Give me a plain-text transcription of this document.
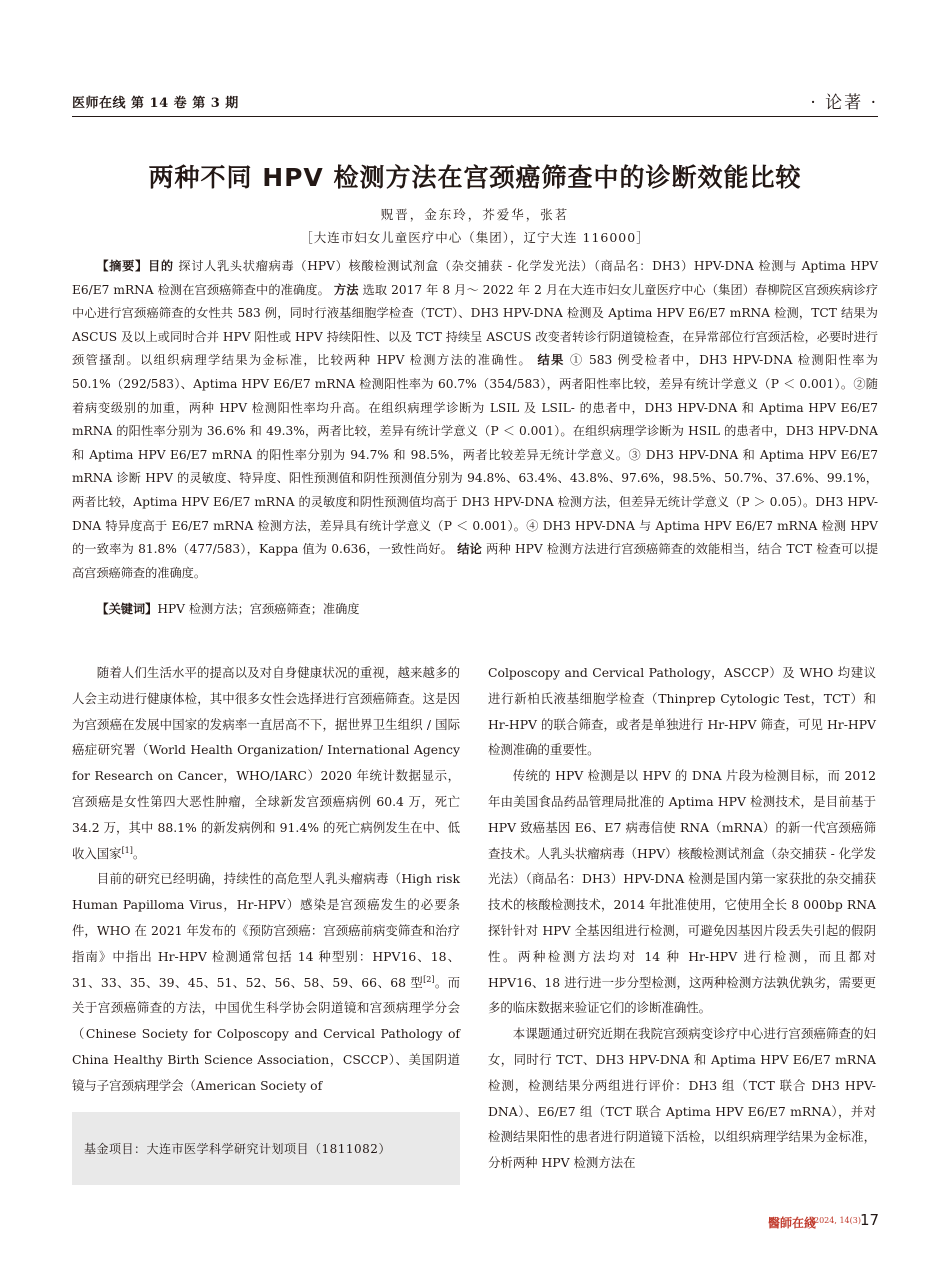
医师在线 第 14 卷 第 3 期	· 论著 ·
两种不同 HPV 检测方法在宫颈癌筛查中的诊断效能比较
贶晋，金东玲，芥爱华，张茗
［大连市妇女儿童医疗中心（集团），辽宁大连 116000］
【摘要】目的 探讨人乳头状瘤病毒（HPV）核酸检测试剂盒（杂交捕获 - 化学发光法）（商品名：DH3）HPV-DNA 检测与 Aptima HPV E6/E7 mRNA 检测在宫颈癌筛查中的准确度。 方法 选取 2017 年 8 月～ 2022 年 2 月在大连市妇女儿童医疗中心（集团）春柳院区宫颈疾病诊疗中心进行宫颈癌筛查的女性共 583 例，同时行液基细胞学检查（TCT）、DH3 HPV-DNA 检测及 Aptima HPV E6/E7 mRNA 检测，TCT 结果为 ASCUS 及以上或同时合并 HPV 阳性或 HPV 持续阳性、以及 TCT 持续呈 ASCUS 改变者转诊行阴道镜检查，在异常部位行宫颈活检，必要时进行颈管搔刮。以组织病理学结果为金标准，比较两种 HPV 检测方法的准确性。 结果 ① 583 例受检者中，DH3 HPV-DNA 检测阳性率为 50.1%（292/583）、Aptima HPV E6/E7 mRNA 检测阳性率为 60.7%（354/583），两者阳性率比较，差异有统计学意义（P ＜ 0.001）。②随着病变级别的加重，两种 HPV 检测阳性率均升高。在组织病理学诊断为 LSIL 及 LSIL- 的患者中，DH3 HPV-DNA 和 Aptima HPV E6/E7 mRNA 的阳性率分别为 36.6% 和 49.3%，两者比较，差异有统计学意义（P ＜ 0.001）。在组织病理学诊断为 HSIL 的患者中，DH3 HPV-DNA 和 Aptima HPV E6/E7 mRNA 的阳性率分别为 94.7% 和 98.5%，两者比较差异无统计学意义。③ DH3 HPV-DNA 和 Aptima HPV E6/E7 mRNA 诊断 HPV 的灵敏度、特异度、阳性预测值和阴性预测值分别为 94.8%、63.4%、43.8%、97.6%，98.5%、50.7%、37.6%、99.1%，两者比较，Aptima HPV E6/E7 mRNA 的灵敏度和阴性预测值均高于 DH3 HPV-DNA 检测方法，但差异无统计学意义（P ＞ 0.05）。DH3 HPV-DNA 特异度高于 E6/E7 mRNA 检测方法，差异具有统计学意义（P ＜ 0.001）。④ DH3 HPV-DNA 与 Aptima HPV E6/E7 mRNA 检测 HPV 的一致率为 81.8%（477/583），Kappa 值为 0.636，一致性尚好。 结论 两种 HPV 检测方法进行宫颈癌筛查的效能相当，结合 TCT 检查可以提高宫颈癌筛查的准确度。
【关键词】HPV 检测方法；宫颈癌筛查；准确度

随着人们生活水平的提高以及对自身健康状况的重视，越来越多的人会主动进行健康体检，其中很多女性会选择进行宫颈癌筛查。这是因为宫颈癌在发展中国家的发病率一直居高不下，据世界卫生组织 / 国际癌症研究署（World Health Organization/ International Agency for Research on Cancer，WHO/IARC）2020 年统计数据显示，宫颈癌是女性第四大恶性肿瘤，全球新发宫颈癌病例 60.4 万，死亡 34.2 万，其中 88.1% 的新发病例和 91.4% 的死亡病例发生在中、低收入国家[1]。

目前的研究已经明确，持续性的高危型人乳头瘤病毒（High risk Human Papilloma Virus，Hr-HPV）感染是宫颈癌发生的必要条件，WHO 在 2021 年发布的《预防宫颈癌：宫颈癌前病变筛查和治疗指南》中指出 Hr-HPV 检测通常包括 14 种型别：HPV16、18、31、33、35、39、45、51、52、56、58、59、66、68 型[2]。而关于宫颈癌筛查的方法，中国优生科学协会阴道镜和宫颈病理学分会（Chinese Society for Colposcopy and Cervical Pathology of China Healthy Birth Science Association，CSCCP）、美国阴道镜与子宫颈病理学会（American Society of

Colposcopy and Cervical Pathology，ASCCP）及 WHO 均建议进行新柏氏液基细胞学检查（Thinprep Cytologic Test，TCT）和 Hr-HPV 的联合筛查，或者是单独进行 Hr-HPV 筛查，可见 Hr-HPV 检测准确的重要性。

传统的 HPV 检测是以 HPV 的 DNA 片段为检测目标，而 2012 年由美国食品药品管理局批准的 Aptima HPV 检测技术，是目前基于 HPV 致癌基因 E6、E7 病毒信使 RNA（mRNA）的新一代宫颈癌筛查技术。人乳头状瘤病毒（HPV）核酸检测试剂盒（杂交捕获 - 化学发光法）（商品名：DH3）HPV-DNA 检测是国内第一家获批的杂交捕获技术的核酸检测技术，2014 年批准使用，它使用全长 8 000bp RNA 探针针对 HPV 全基因组进行检测，可避免因基因片段丢失引起的假阴性。两种检测方法均对 14 种 Hr-HPV 进行检测，而且都对 HPV16、18 进行进一步分型检测，这两种检测方法孰优孰劣，需要更多的临床数据来验证它们的诊断准确性。

本课题通过研究近期在我院宫颈病变诊疗中心进行宫颈癌筛查的妇女，同时行 TCT、DH3 HPV-DNA 和 Aptima HPV E6/E7 mRNA 检测，检测结果分两组进行评价：DH3 组（TCT 联合 DH3 HPV-DNA）、E6/E7 组（TCT 联合 Aptima HPV E6/E7 mRNA），并对检测结果阳性的患者进行阴道镜下活检，以组织病理学结果为金标准，分析两种 HPV 检测方法在

基金项目：大连市医学科学研究计划项目（1811082）
醫師在綫
2024, 14(3) 17
